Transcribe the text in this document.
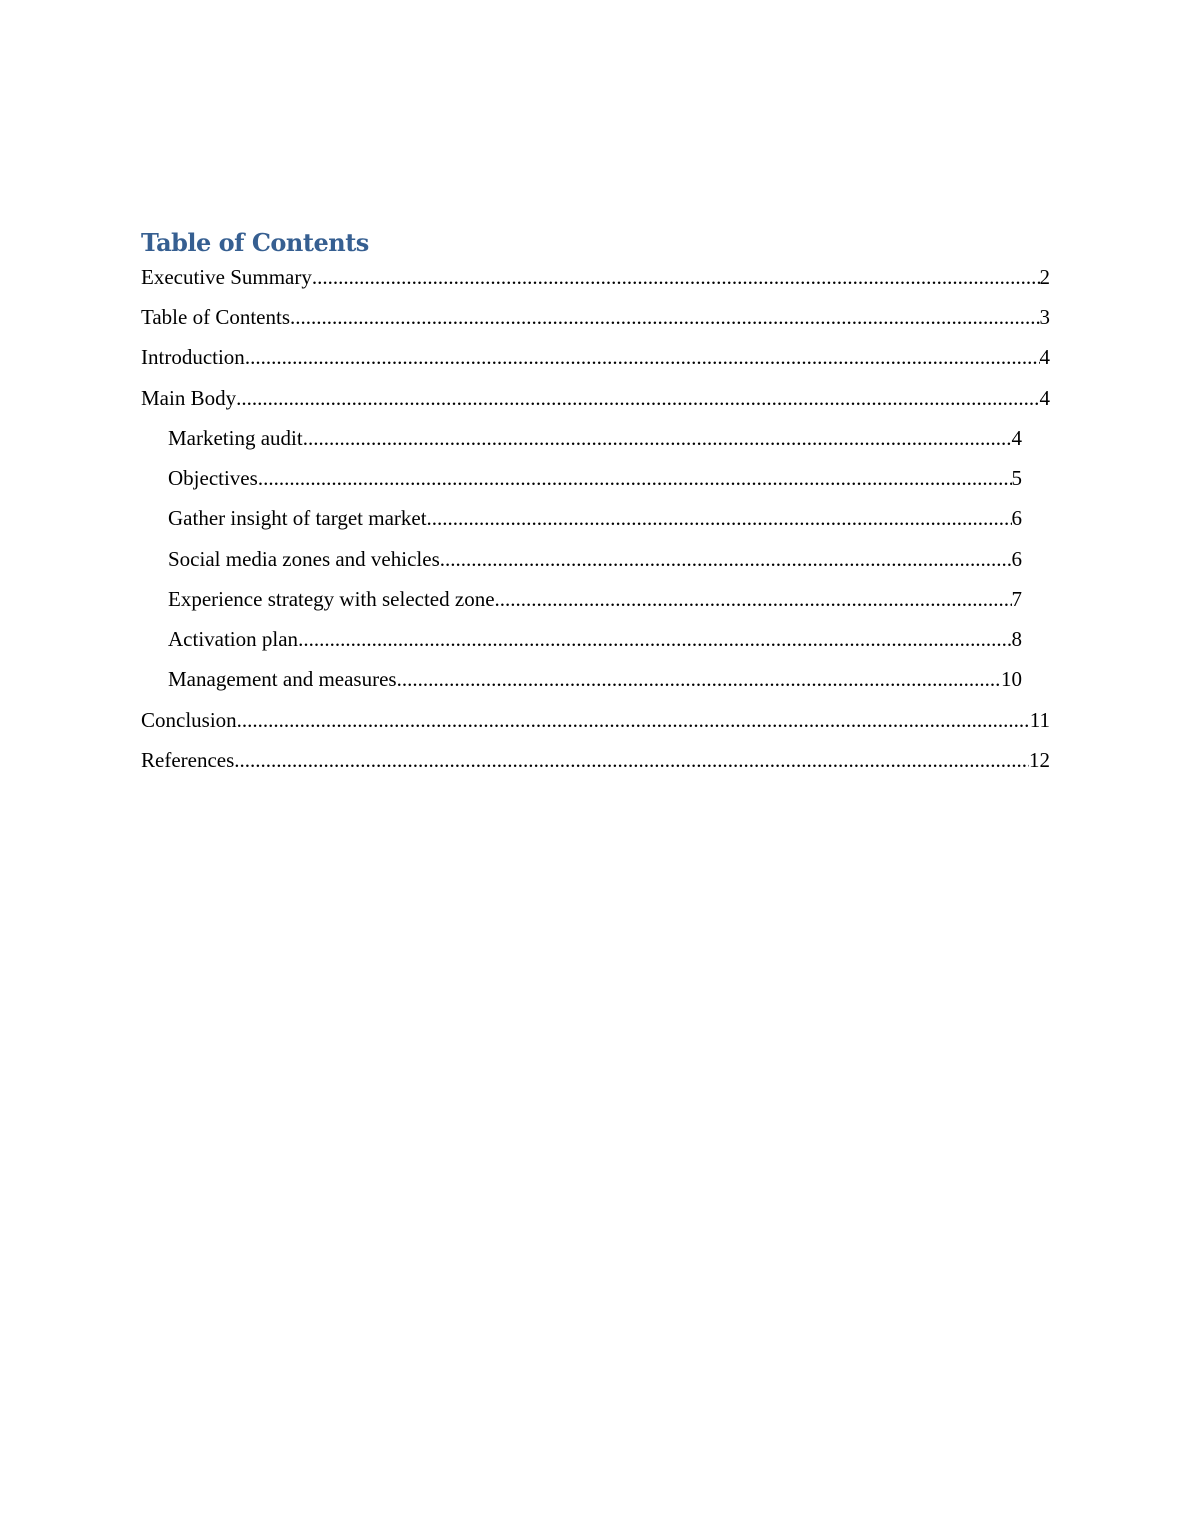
Table of Contents
Executive Summary .....	2
Table of Contents .....	3
Introduction .....	4
Main Body .....	4
Marketing audit .....	4
Objectives .....	5
Gather insight of target market .....	6
Social media zones and vehicles .....	6
Experience strategy with selected zone .....	7
Activation plan .....	8
Management and measures .....	10
Conclusion .....	11
References .....	12
